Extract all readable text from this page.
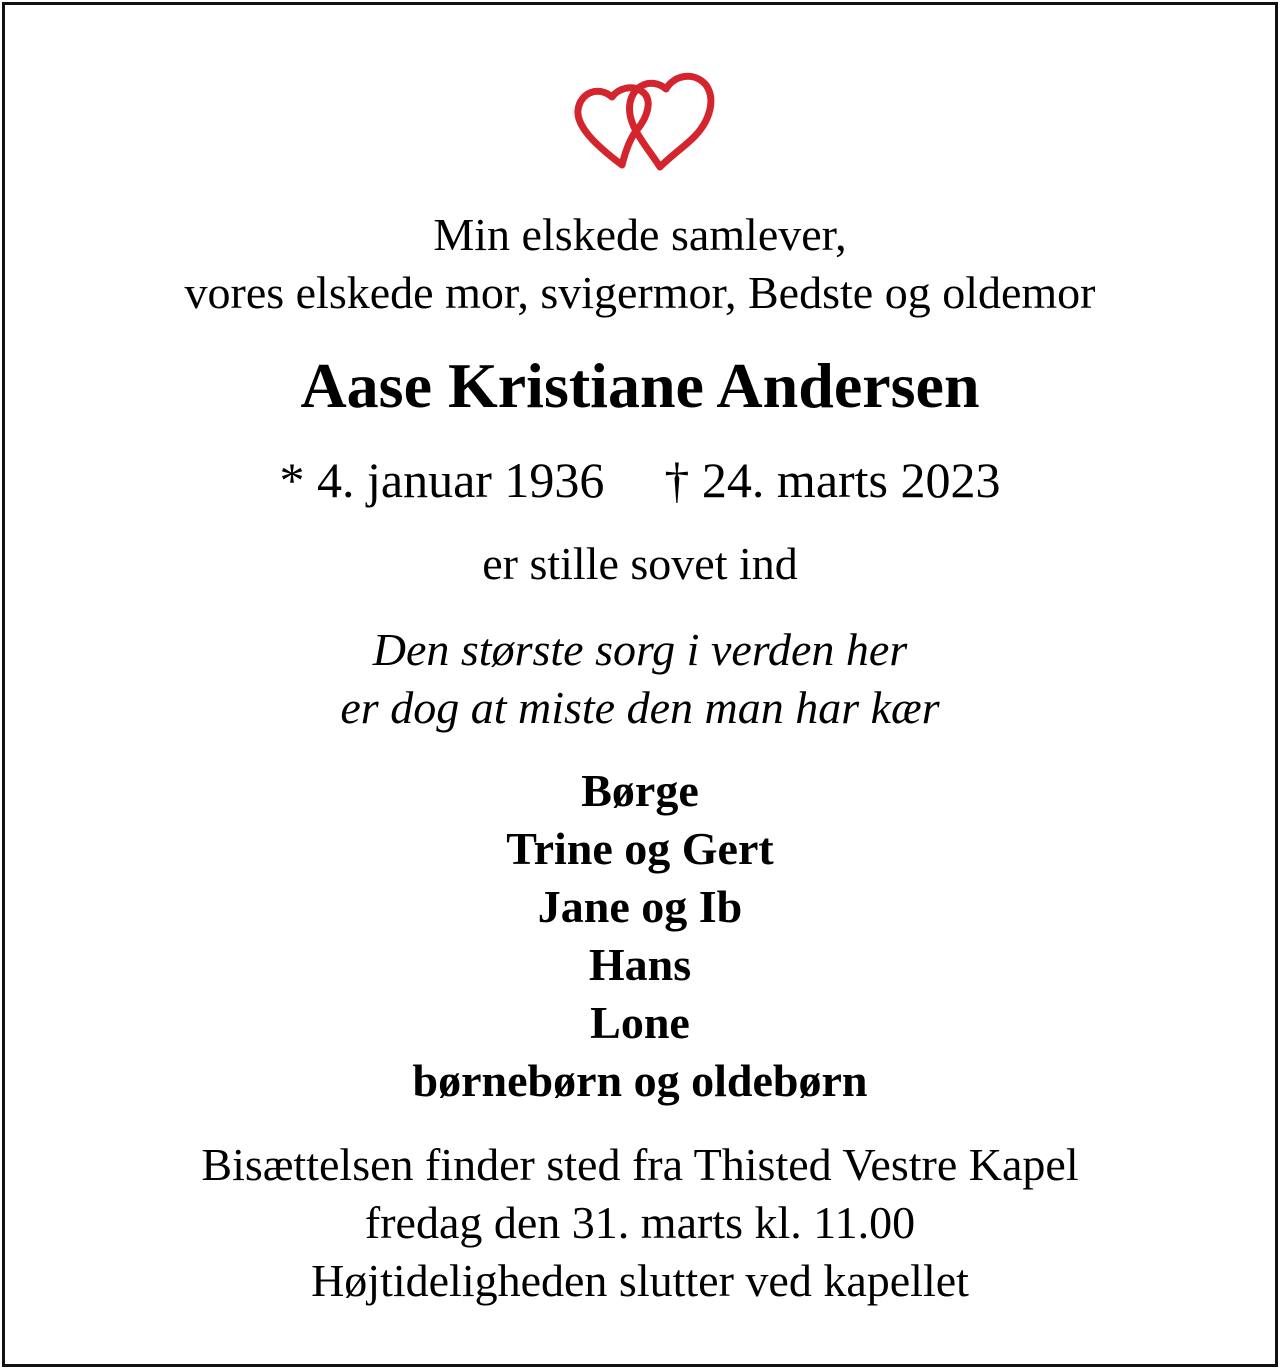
Min elskede samlever,
vores elskede mor, svigermor, Bedste og oldemor
Aase Kristiane Andersen
* 4. januar 1936 † 24. marts 2023
er stille sovet ind
Den største sorg i verden her
er dog at miste den man har kær
Børge
Trine og Gert
Jane og Ib
Hans
Lone
børnebørn og oldebørn
Bisættelsen finder sted fra Thisted Vestre Kapel
fredag den 31. marts kl. 11.00
Højtideligheden slutter ved kapellet
